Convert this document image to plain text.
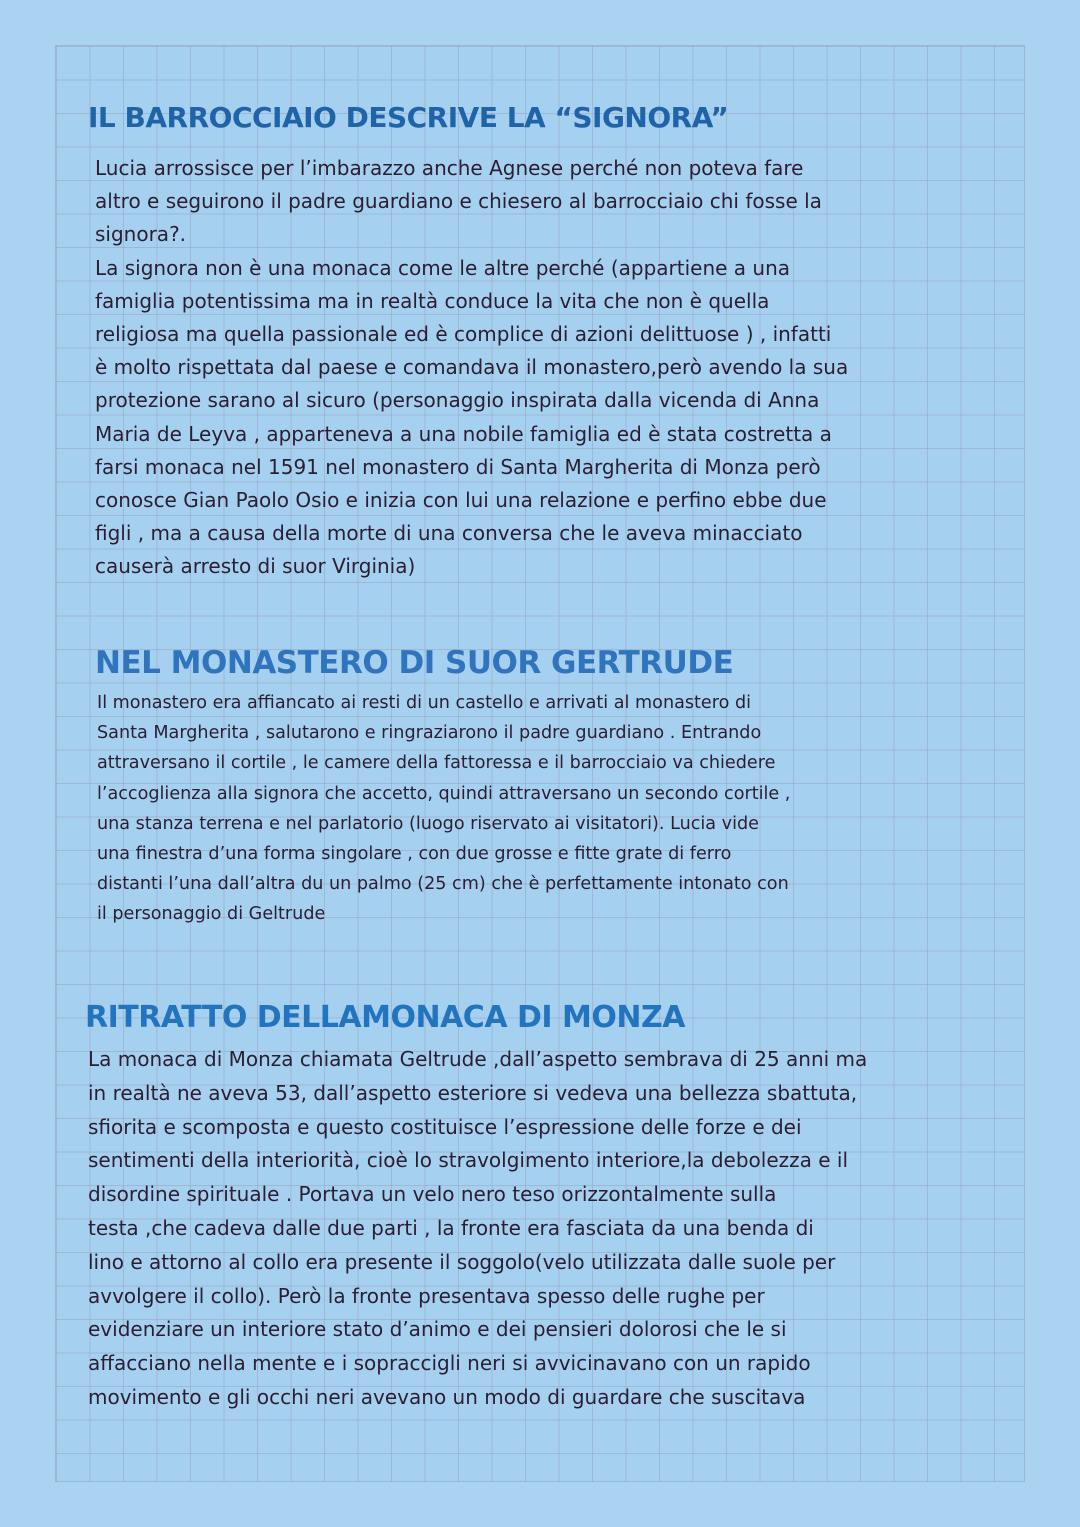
IL BARROCCIAIO DESCRIVE LA “SIGNORA”

Lucia arrossisce per l’imbarazzo anche Agnese perché non poteva fare
altro e seguirono il padre guardiano e chiesero al barrocciaio chi fosse la
signora?.
La signora non è una monaca come le altre perché (appartiene a una
famiglia potentissima ma in realtà conduce la vita che non è quella
religiosa ma quella passionale ed è complice di azioni delittuose ) , infatti
è molto rispettata dal paese e comandava il monastero,però avendo la sua
protezione sarano al sicuro (personaggio inspirata dalla vicenda di Anna
Maria de Leyva , apparteneva a una nobile famiglia ed è stata costretta a
farsi monaca nel 1591 nel monastero di Santa Margherita di Monza però
conosce Gian Paolo Osio e inizia con lui una relazione e perfino ebbe due
figli , ma a causa della morte di una conversa che le aveva minacciato
causerà arresto di suor Virginia)

NEL MONASTERO DI SUOR GERTRUDE

Il monastero era affiancato ai resti di un castello e arrivati al monastero di
Santa Margherita , salutarono e ringraziarono il padre guardiano . Entrando
attraversano il cortile , le camere della fattoressa e il barrocciaio va chiedere
l’accoglienza alla signora che accetto, quindi attraversano un secondo cortile ,
una stanza terrena e nel parlatorio (luogo riservato ai visitatori). Lucia vide
una finestra d’una forma singolare , con due grosse e fitte grate di ferro
distanti l’una dall’altra du un palmo (25 cm) che è perfettamente intonato con
il personaggio di Geltrude

RITRATTO DELLAMONACA DI MONZA

La monaca di Monza chiamata Geltrude ,dall’aspetto sembrava di 25 anni ma
in realtà ne aveva 53, dall’aspetto esteriore si vedeva una bellezza sbattuta,
sfiorita e scomposta e questo costituisce l’espressione delle forze e dei
sentimenti della interiorità, cioè lo stravolgimento interiore,la debolezza e il
disordine spirituale . Portava un velo nero teso orizzontalmente sulla
testa ,che cadeva dalle due parti , la fronte era fasciata da una benda di
lino e attorno al collo era presente il soggolo(velo utilizzata dalle suole per
avvolgere il collo). Però la fronte presentava spesso delle rughe per
evidenziare un interiore stato d’animo e dei pensieri dolorosi che le si
affacciano nella mente e i sopraccigli neri si avvicinavano con un rapido
movimento e gli occhi neri avevano un modo di guardare che suscitava
